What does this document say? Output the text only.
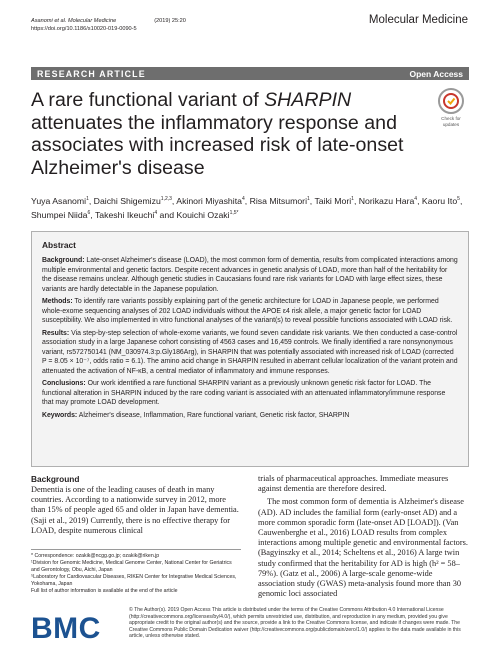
Asanomi et al. Molecular Medicine	(2019) 25:20
https://doi.org/10.1186/s10020-019-0090-5
Molecular Medicine
RESEARCH ARTICLE	Open Access
A rare functional variant of SHARPIN attenuates the inflammatory response and associates with increased risk of late-onset Alzheimer's disease
Check for
updates
Yuya Asanomi$^1$, Daichi Shigemizu$^{1,2,3}$, Akinori Miyashita$^4$, Risa Mitsumori$^1$, Taiki Mori$^1$, Norikazu Hara$^4$, Kaoru Ito$^5$, Shumpei Niida$^6$, Takeshi Ikeuchi$^4$ and Kouichi Ozaki$^{1,5*}$
Abstract

Background: Late-onset Alzheimer's disease (LOAD), the most common form of dementia, results from complicated interactions among multiple environmental and genetic factors. Despite recent advances in genetic analysis of LOAD, more than half of the heritability for the disease remains unclear. Although genetic studies in Caucasians found rare risk variants for LOAD with large effect sizes, these variants are hardly detectable in the Japanese population.

Methods: To identify rare variants possibly explaining part of the genetic architecture for LOAD in Japanese people, we performed whole-exome sequencing analyses of 202 LOAD individuals without the APOE ε4 risk allele, a major genetic factor for LOAD susceptibility. We also implemented in vitro functional analyses of the variant(s) to reveal possible functions associated with LOAD risk.

Results: Via step-by-step selection of whole-exome variants, we found seven candidate risk variants. We then conducted a case-control association study in a large Japanese cohort consisting of 4563 cases and 16,459 controls. We finally identified a rare nonsynonymous variant, rs572750141 (NM_030974.3:p.Gly186Arg), in SHARPIN that was potentially associated with increased risk of LOAD (corrected P = 8.05 × 10⁻⁷, odds ratio = 6.1). The amino acid change in SHARPIN resulted in aberrant cellular localization of the variant protein and attenuated the activation of NF-κB, a central mediator of inflammatory and immune responses.

Conclusions: Our work identified a rare functional SHARPIN variant as a previously unknown genetic risk factor for LOAD. The functional alteration in SHARPIN induced by the rare coding variant is associated with an attenuated inflammatory/immune response that may promote LOAD development.

Keywords: Alzheimer's disease, Inflammation, Rare functional variant, Genetic risk factor, SHARPIN

Background
Dementia is one of the leading causes of death in many countries. According to a nationwide survey in 2012, more than 15% of people aged 65 and older in Japan have dementia. (Saji et al., 2019) Currently, there is no effective therapy for LOAD, despite numerous clinical
trials of pharmaceutical approaches. Immediate measures against dementia are therefore desired.
The most common form of dementia is Alzheimer's disease (AD). AD includes the familial form (early-onset AD) and a more common sporadic form (late-onset AD [LOAD]). (Van Cauwenberghe et al., 2016) LOAD results from complex interactions among multiple genetic and environmental factors. (Bagyinszky et al., 2014; Scheltens et al., 2016) A large twin study confirmed that the heritability for AD is high (h² = 58–79%). (Gatz et al., 2006) A large-scale genome-wide association study (GWAS) meta-analysis found more than 30 genomic loci associated
* Correspondence: ozakik@ncgg.go.jp; ozakik@riken.jp
¹Division for Genomic Medicine, Medical Genome Center, National Center for Geriatrics and Gerontology, Obu, Aichi, Japan
⁵Laboratory for Cardiovascular Diseases, RIKEN Center for Integrative Medical Sciences, Yokohama, Japan
Full list of author information is available at the end of the article
BMC
© The Author(s). 2019 Open Access This article is distributed under the terms of the Creative Commons Attribution 4.0 International License (http://creativecommons.org/licenses/by/4.0/), which permits unrestricted use, distribution, and reproduction in any medium, provided you give appropriate credit to the original author(s) and the source, provide a link to the Creative Commons license, and indicate if changes were made. The Creative Commons Public Domain Dedication waiver (http://creativecommons.org/publicdomain/zero/1.0/) applies to the data made available in this article, unless otherwise stated.
